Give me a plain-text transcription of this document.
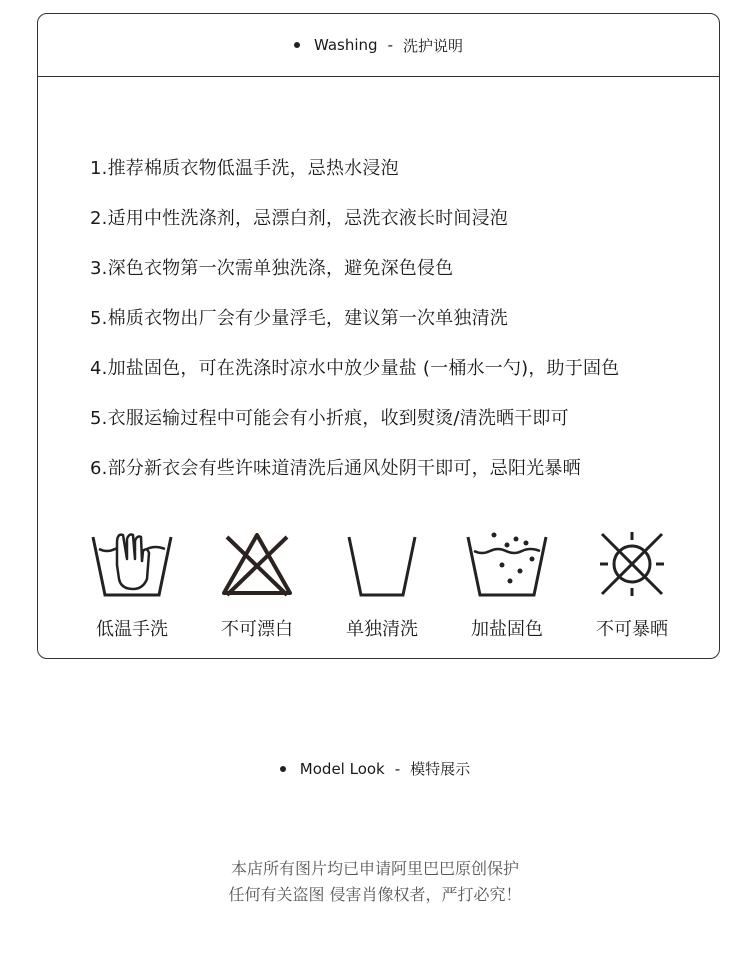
Washing - 洗护说明
1.推荐棉质衣物低温手洗，忌热水浸泡
2.适用中性洗涤剂，忌漂白剂，忌洗衣液长时间浸泡
3.深色衣物第一次需单独洗涤，避免深色侵色
5.棉质衣物出厂会有少量浮毛，建议第一次单独清洗
4.加盐固色，可在洗涤时凉水中放少量盐 (一桶水一勺)，助于固色
5.衣服运输过程中可能会有小折痕，收到熨烫/清洗晒干即可
6.部分新衣会有些许味道清洗后通风处阴干即可，忌阳光暴晒
低温手洗	不可漂白	单独清洗	加盐固色	不可暴晒
Model Look - 模特展示
本店所有图片均已申请阿里巴巴原创保护
任何有关盗图 侵害肖像权者，严打必究！
